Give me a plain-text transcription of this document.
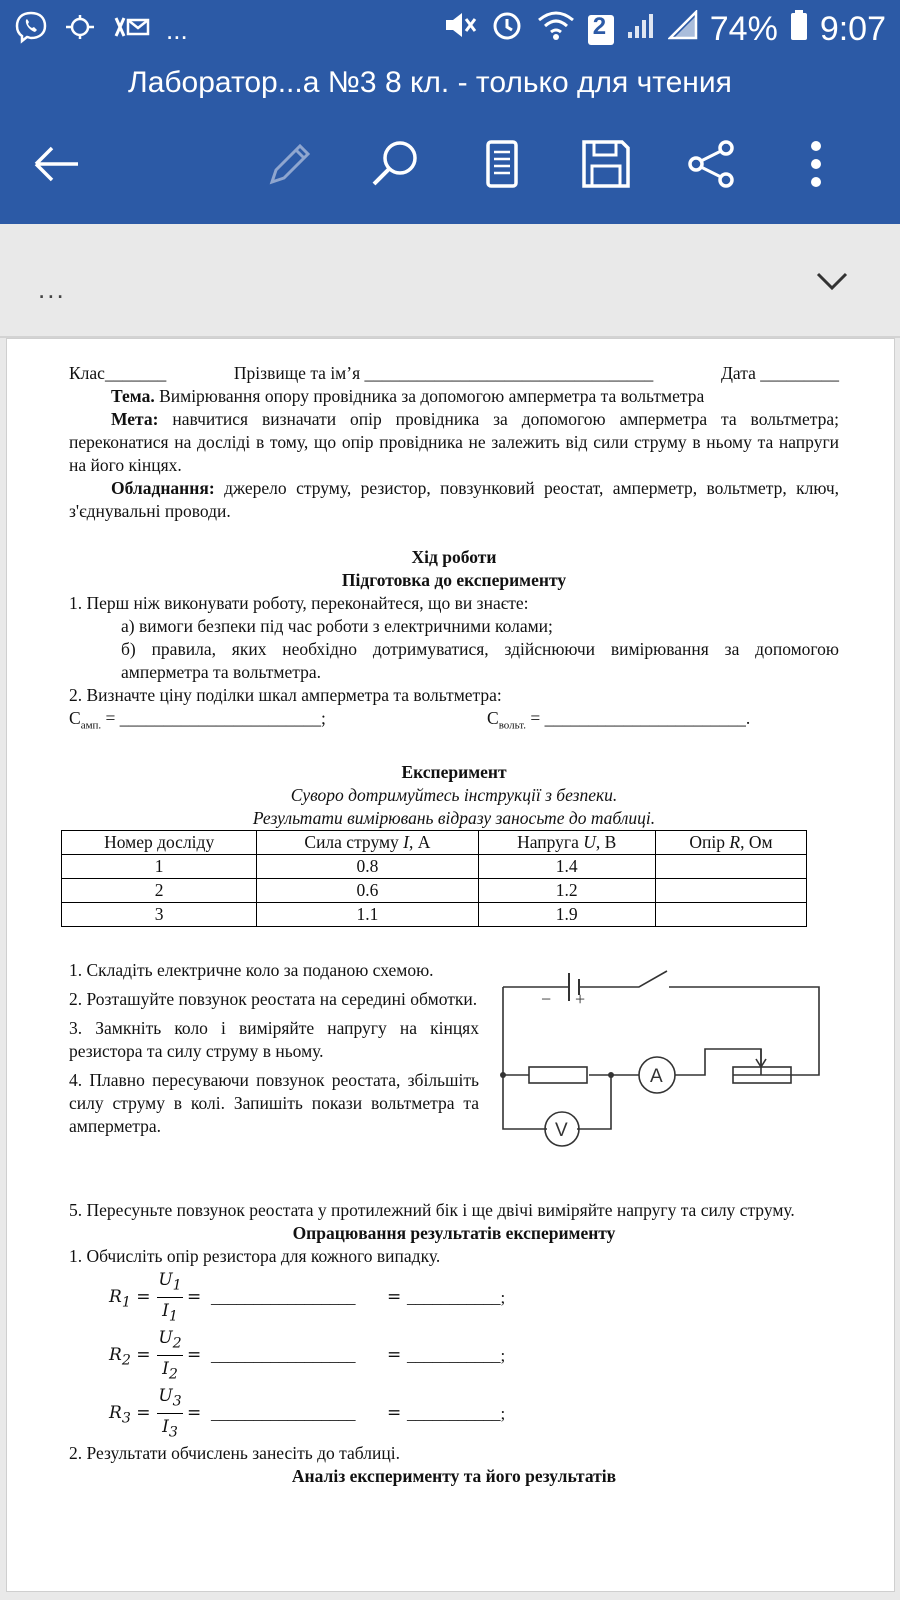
...	2	74% 9:07
Лаборатор...а №3 8 кл. - только для чтения
...

Клас_______	Прізвище та ім’я _________________________________	Дата _________

Тема. Вимірювання опору провідника за допомогою амперметра та вольтметра

Мета: навчитися визначати опір провідника за допомогою амперметра та вольтметра; переконатися на досліді в тому, що опір провідника не залежить від сили струму в ньому та напруги на його кінцях.

Обладнання: джерело струму, резистор, повзунковий реостат, амперметр, вольтметр, ключ, з'єднувальні проводи.

Хід роботи

Підготовка до експерименту

1. Перш ніж виконувати роботу, переконайтеся, що ви знаєте:

а) вимоги безпеки під час роботи з електричними колами;

б) правила, яких необхідно дотримуватися, здійснюючи вимірювання за допомогою амперметра та вольтметра.

2. Визначте ціну поділки шкал амперметра та вольтметра:

$C_{амп.}$ = _______________________;	$C_{вольт.}$ = _______________________.

Експеримент

Суворо дотримуйтесь інструкції з безпеки.

Результати вимірювань відразу заносьте до таблиці.

Номер досліду	Сила струму I, А	Напруга U, В	Опір R, Ом
1	0.8	1.4	
2	0.6	1.2	
3	1.1	1.9	

1. Складіть електричне коло за поданою схемою.

2. Розташуйте повзунок реостата на середині обмотки.

3. Замкніть коло і виміряйте напругу на кінцях резистора та силу струму в ньому.

4. Плавно пересуваючи повзунок реостата, збільшіть силу струму в колі. Запишіть покази вольтметра та амперметра.

− +
A
V

5. Пересуньте повзунок реостата у протилежний бік і ще двічі виміряйте напругу та силу струму.

Опрацювання результатів експерименту

1. Обчисліть опір резистора для кожного випадку.

$R_1 = \frac{U_1}{I_1}$ = _________________ = ___________;
$R_2 = \frac{U_2}{I_2}$ = _________________ = ___________;
$R_3 = \frac{U_3}{I_3}$ = _________________ = ___________;

2. Результати обчислень занесіть до таблиці.

Аналіз експерименту та його результатів
